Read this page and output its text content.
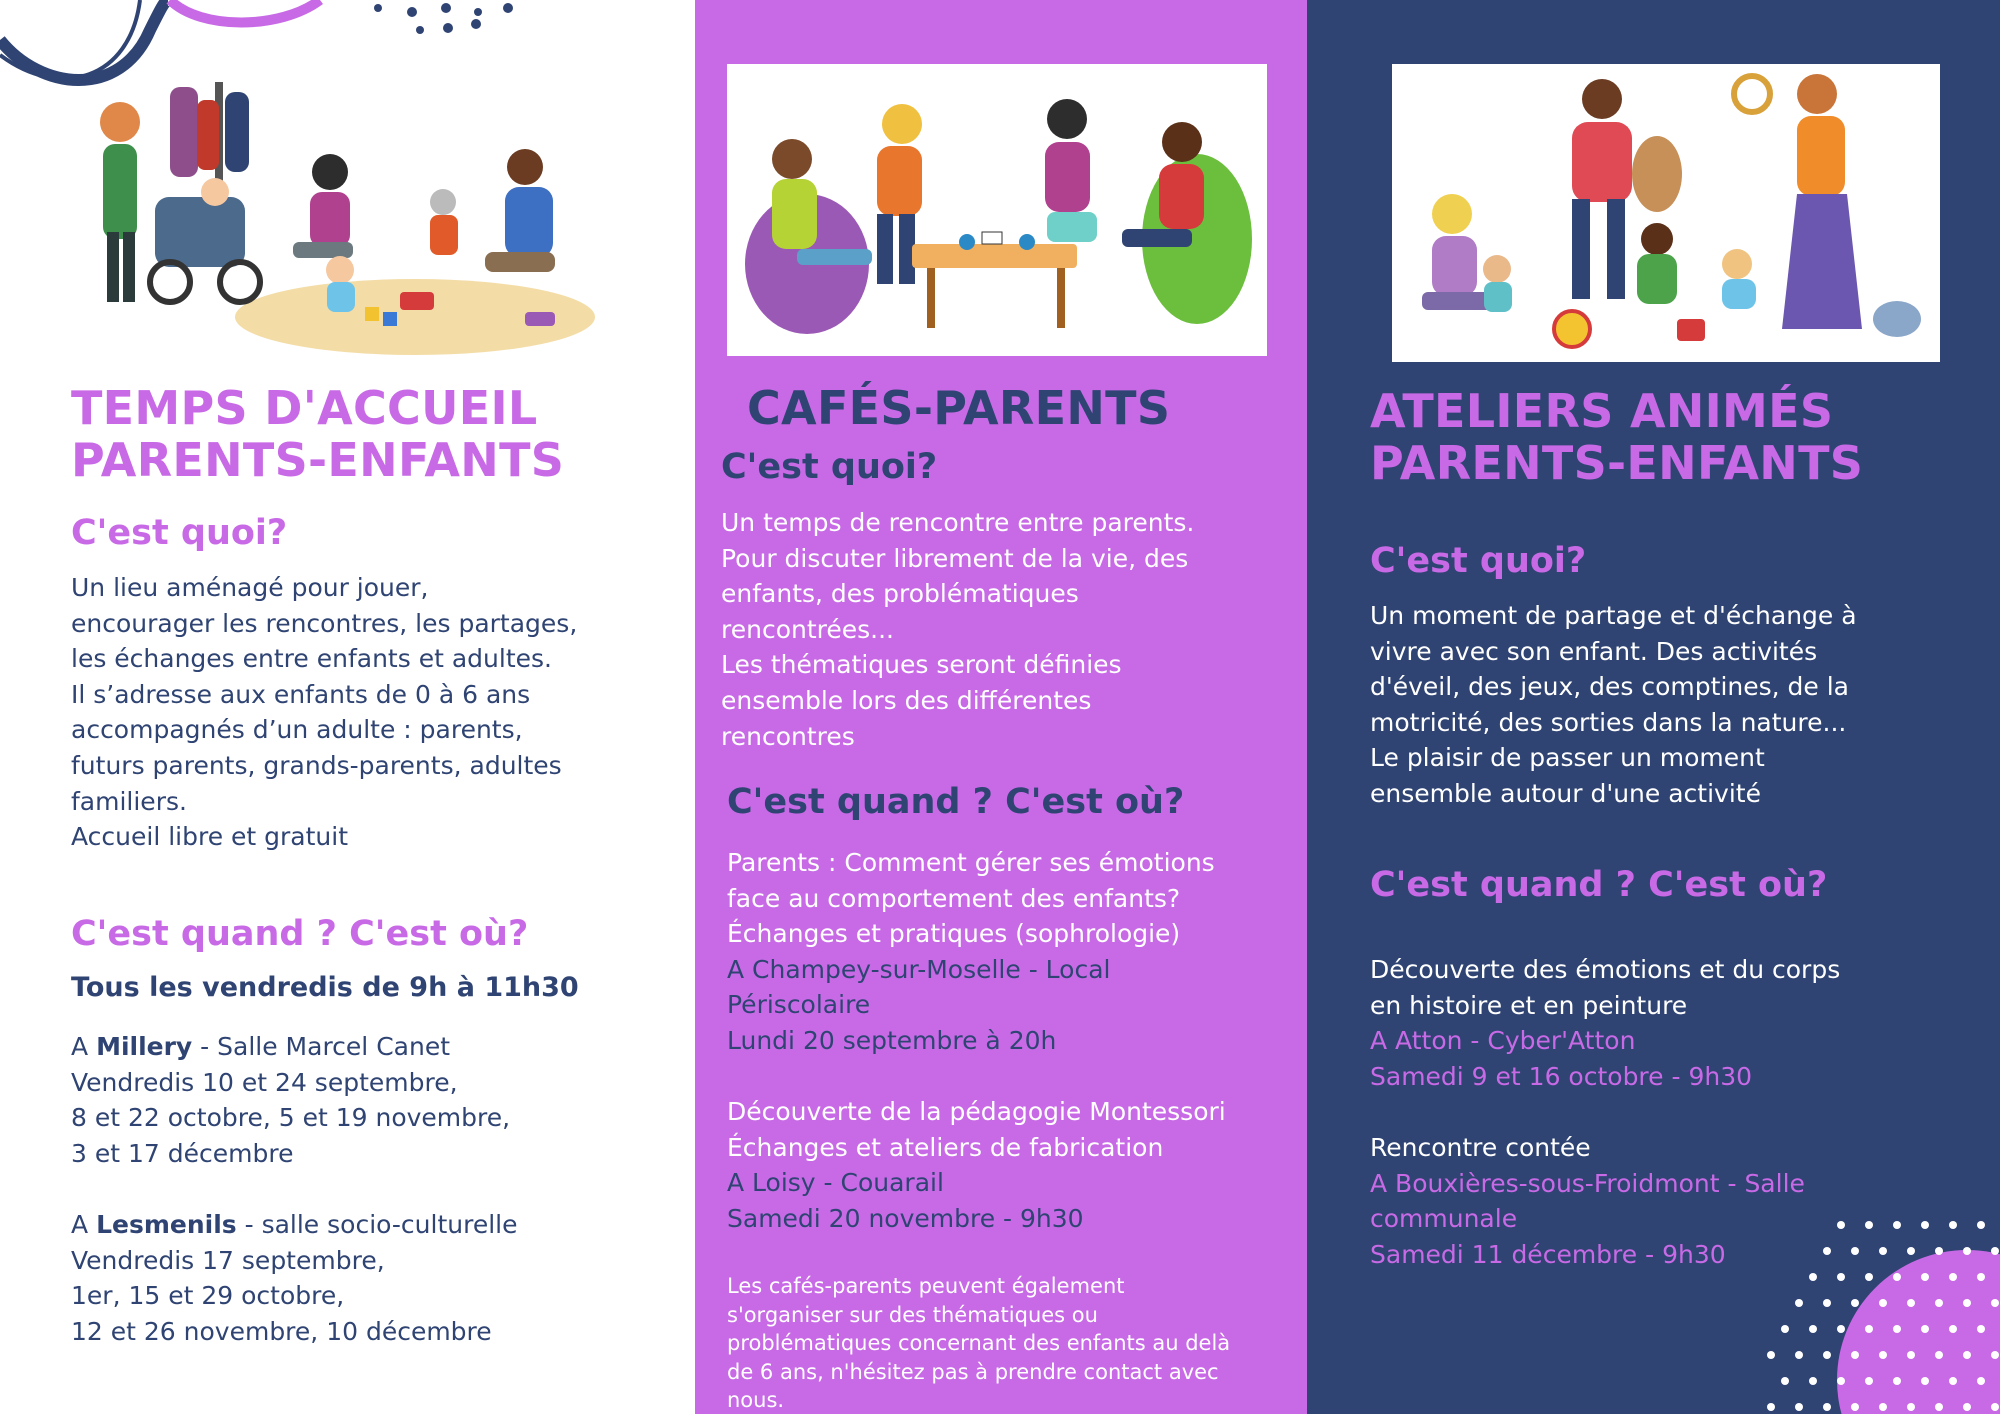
TEMPS D'ACCUEIL
PARENTS-ENFANTS
C'est quoi?
Un lieu aménagé pour jouer,
encourager les rencontres, les partages,
les échanges entre enfants et adultes.
Il s’adresse aux enfants de 0 à 6 ans
accompagnés d’un adulte : parents,
futurs parents, grands-parents, adultes
familiers.
Accueil libre et gratuit
C'est quand ? C'est où?
Tous les vendredis de 9h à 11h30
A Millery - Salle Marcel Canet
Vendredis 10 et 24 septembre,
8 et 22 octobre, 5 et 19 novembre,
3 et 17 décembre
A Lesmenils - salle socio-culturelle
Vendredis 17 septembre,
1er, 15 et 29 octobre,
12 et 26 novembre, 10 décembre
CAFÉS-PARENTS
C'est quoi?
Un temps de rencontre entre parents.
Pour discuter librement de la vie, des
enfants, des problématiques
rencontrées...
Les thématiques seront définies
ensemble lors des différentes
rencontres
C'est quand ? C'est où?
Parents : Comment gérer ses émotions
face au comportement des enfants?
Échanges et pratiques (sophrologie)
A Champey-sur-Moselle - Local
Périscolaire
Lundi 20 septembre à 20h
Découverte de la pédagogie Montessori
Échanges et ateliers de fabrication
A Loisy - Couarail
Samedi 20 novembre - 9h30
Les cafés-parents peuvent également
s'organiser sur des thématiques ou
problématiques concernant des enfants au delà
de 6 ans, n'hésitez pas à prendre contact avec
nous.
ATELIERS ANIMÉS
PARENTS-ENFANTS
C'est quoi?
Un moment de partage et d'échange à
vivre avec son enfant. Des activités
d'éveil, des jeux, des comptines, de la
motricité, des sorties dans la nature...
Le plaisir de passer un moment
ensemble autour d'une activité
C'est quand ? C'est où?
Découverte des émotions et du corps
en histoire et en peinture
A Atton - Cyber'Atton
Samedi 9 et 16 octobre - 9h30
Rencontre contée
A Bouxières-sous-Froidmont - Salle
communale
Samedi 11 décembre - 9h30
